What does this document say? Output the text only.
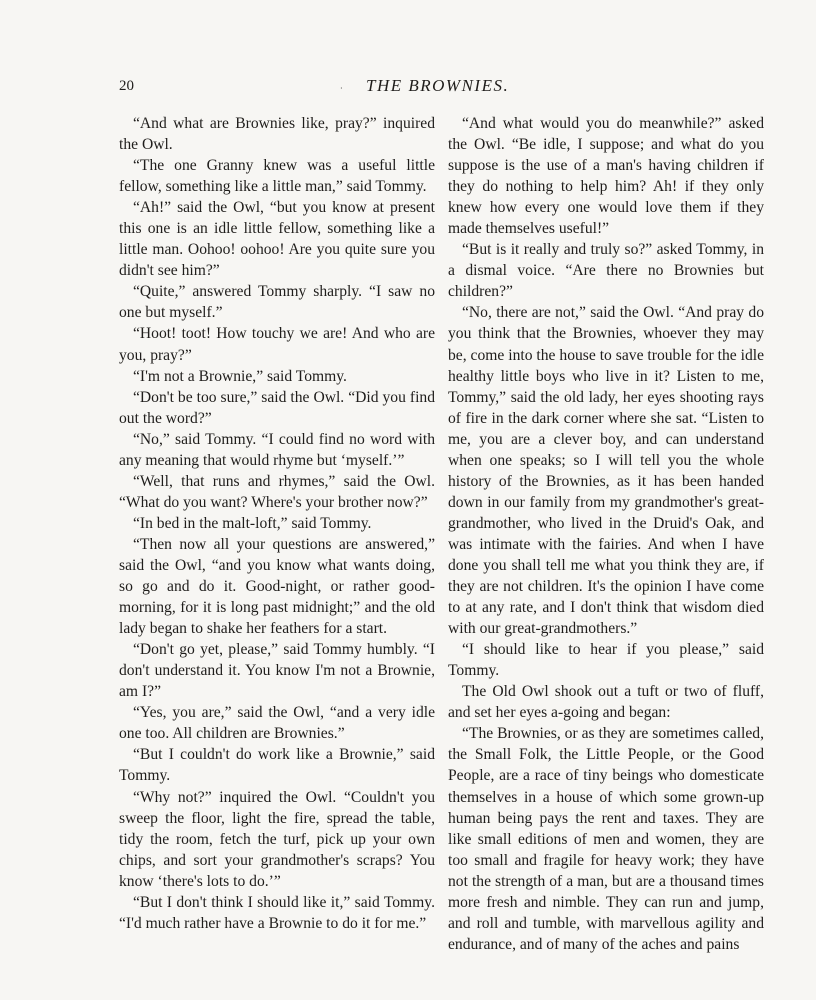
20	· THE BROWNIES.

“And what are Brownies like, pray?” inquired the Owl.

“The one Granny knew was a useful little fellow, something like a little man,” said Tommy.

“Ah!” said the Owl, “but you know at present this one is an idle little fellow, something like a little man. Oohoo! oohoo! Are you quite sure you didn't see him?”

“Quite,” answered Tommy sharply. “I saw no one but myself.”

“Hoot! toot! How touchy we are! And who are you, pray?”

“I'm not a Brownie,” said Tommy.

“Don't be too sure,” said the Owl. “Did you find out the word?”

“No,” said Tommy. “I could find no word with any meaning that would rhyme but ‘myself.’”

“Well, that runs and rhymes,” said the Owl. “What do you want? Where's your brother now?”

“In bed in the malt-loft,” said Tommy.

“Then now all your questions are answered,” said the Owl, “and you know what wants doing, so go and do it. Good-night, or rather good-morning, for it is long past midnight;” and the old lady began to shake her feathers for a start.

“Don't go yet, please,” said Tommy humbly. “I don't understand it. You know I'm not a Brownie, am I?”

“Yes, you are,” said the Owl, “and a very idle one too. All children are Brownies.”

“But I couldn't do work like a Brownie,” said Tommy.

“Why not?” inquired the Owl. “Couldn't you sweep the floor, light the fire, spread the table, tidy the room, fetch the turf, pick up your own chips, and sort your grandmother's scraps? You know ‘there's lots to do.’”

“But I don't think I should like it,” said Tommy. “I'd much rather have a Brownie to do it for me.”

“And what would you do meanwhile?” asked the Owl. “Be idle, I suppose; and what do you suppose is the use of a man's having children if they do nothing to help him? Ah! if they only knew how every one would love them if they made themselves useful!”

“But is it really and truly so?” asked Tommy, in a dismal voice. “Are there no Brownies but children?”

“No, there are not,” said the Owl. “And pray do you think that the Brownies, whoever they may be, come into the house to save trouble for the idle healthy little boys who live in it? Listen to me, Tommy,” said the old lady, her eyes shooting rays of fire in the dark corner where she sat. “Listen to me, you are a clever boy, and can understand when one speaks; so I will tell you the whole history of the Brownies, as it has been handed down in our family from my grandmother's great-grandmother, who lived in the Druid's Oak, and was intimate with the fairies. And when I have done you shall tell me what you think they are, if they are not children. It's the opinion I have come to at any rate, and I don't think that wisdom died with our great-grandmothers.”

“I should like to hear if you please,” said Tommy.

The Old Owl shook out a tuft or two of fluff, and set her eyes a-going and began:

“The Brownies, or as they are sometimes called, the Small Folk, the Little People, or the Good People, are a race of tiny beings who domesticate themselves in a house of which some grown-up human being pays the rent and taxes. They are like small editions of men and women, they are too small and fragile for heavy work; they have not the strength of a man, but are a thousand times more fresh and nimble. They can run and jump, and roll and tumble, with marvellous agility and endurance, and of many of the aches and pains
